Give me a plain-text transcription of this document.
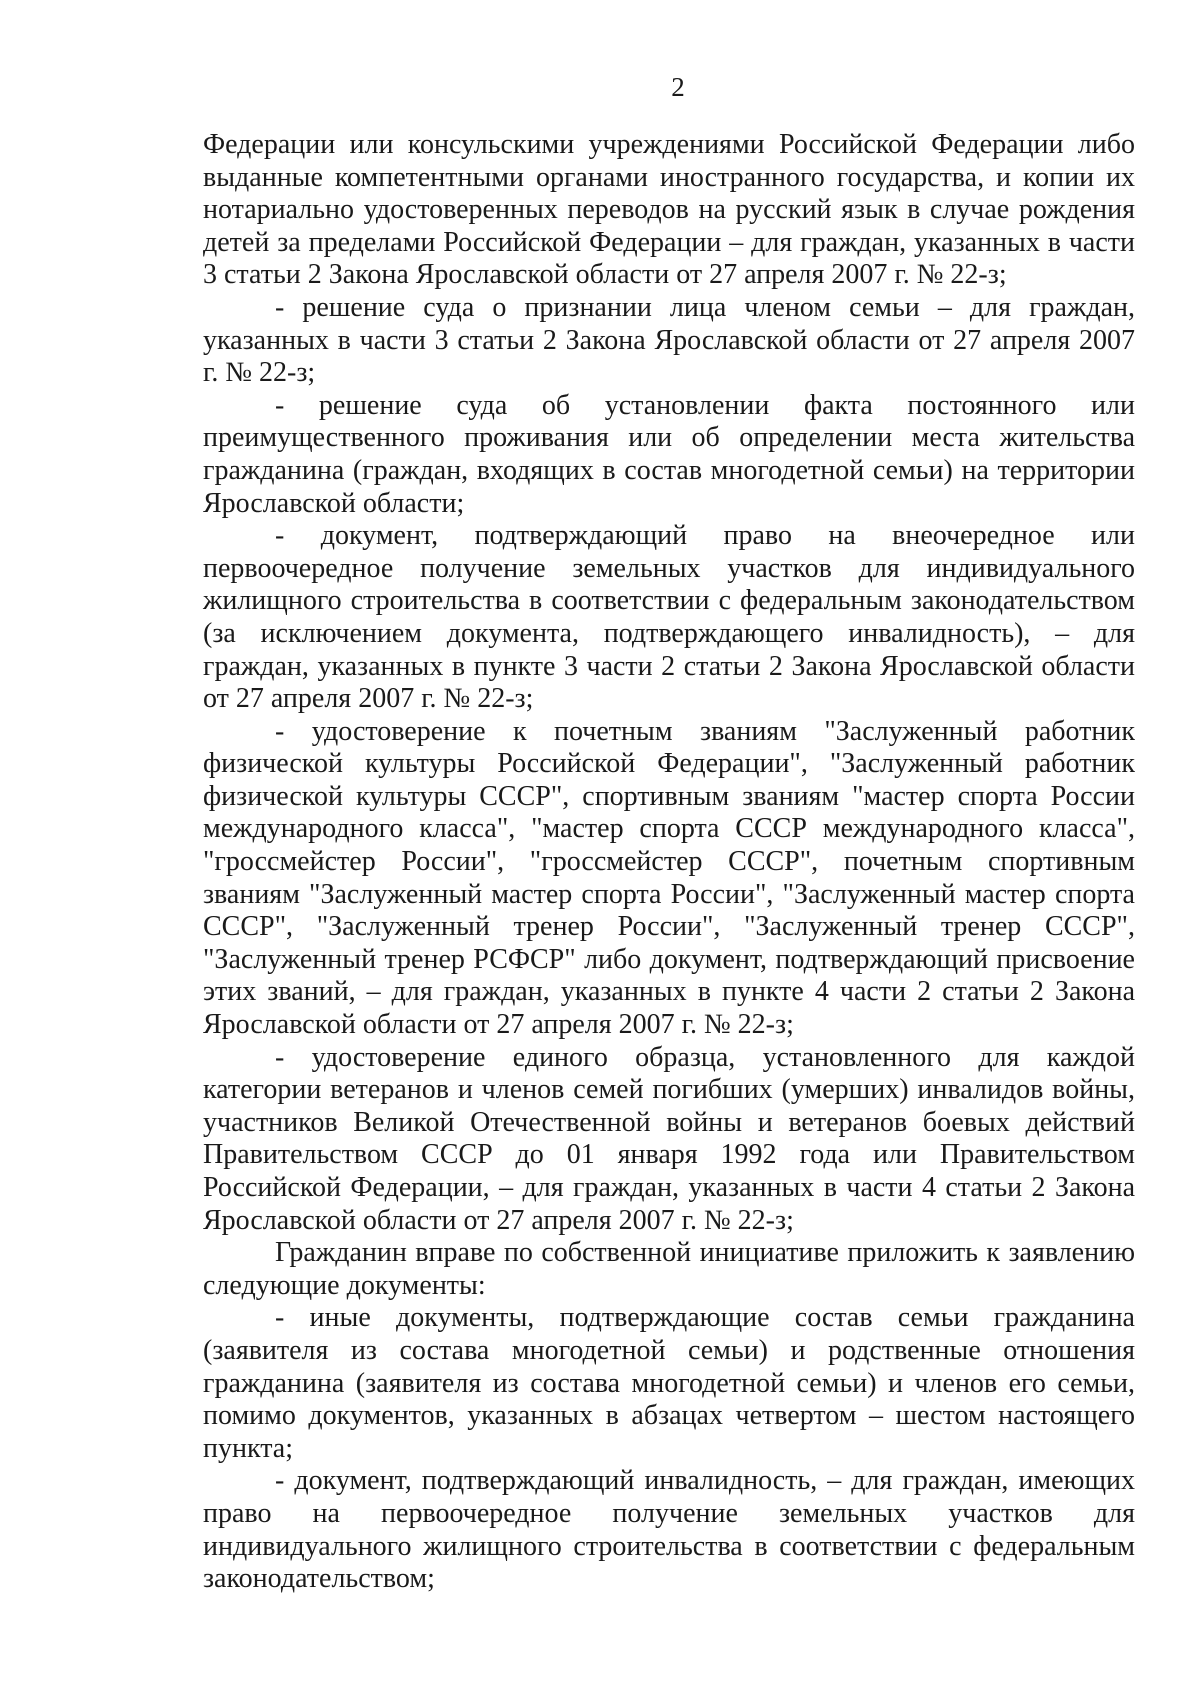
2

Федерации или консульскими учреждениями Российской Федерации либо выданные компетентными органами иностранного государства, и копии их нотариально удостоверенных переводов на русский язык в случае рождения детей за пределами Российской Федерации – для граждан, указанных в части 3 статьи 2 Закона Ярославской области от 27 апреля 2007 г. № 22-з;

- решение суда о признании лица членом семьи – для граждан, указанных в части 3 статьи 2 Закона Ярославской области от 27 апреля 2007 г. № 22-з;

- решение суда об установлении факта постоянного или преимущественного проживания или об определении места жительства гражданина (граждан, входящих в состав многодетной семьи) на территории Ярославской области;

- документ, подтверждающий право на внеочередное или первоочередное получение земельных участков для индивидуального жилищного строительства в соответствии с федеральным законодательством (за исключением документа, подтверждающего инвалидность), – для граждан, указанных в пункте 3 части 2 статьи 2 Закона Ярославской области от 27 апреля 2007 г. № 22-з;

- удостоверение к почетным званиям "Заслуженный работник физической культуры Российской Федерации", "Заслуженный работник физической культуры СССР", спортивным званиям "мастер спорта России международного класса", "мастер спорта СССР международного класса", "гроссмейстер России", "гроссмейстер СССР", почетным спортивным званиям "Заслуженный мастер спорта России", "Заслуженный мастер спорта СССР", "Заслуженный тренер России", "Заслуженный тренер СССР", "Заслуженный тренер РСФСР" либо документ, подтверждающий присвоение этих званий, – для граждан, указанных в пункте 4 части 2 статьи 2 Закона Ярославской области от 27 апреля 2007 г. № 22-з;

- удостоверение единого образца, установленного для каждой категории ветеранов и членов семей погибших (умерших) инвалидов войны, участников Великой Отечественной войны и ветеранов боевых действий Правительством СССР до 01 января 1992 года или Правительством Российской Федерации, – для граждан, указанных в части 4 статьи 2 Закона Ярославской области от 27 апреля 2007 г. № 22-з;

Гражданин вправе по собственной инициативе приложить к заявлению следующие документы:

- иные документы, подтверждающие состав семьи гражданина (заявителя из состава многодетной семьи) и родственные отношения гражданина (заявителя из состава многодетной семьи) и членов его семьи, помимо документов, указанных в абзацах четвертом – шестом настоящего пункта;

- документ, подтверждающий инвалидность, – для граждан, имеющих право на первоочередное получение земельных участков для индивидуального жилищного строительства в соответствии с федеральным законодательством;
